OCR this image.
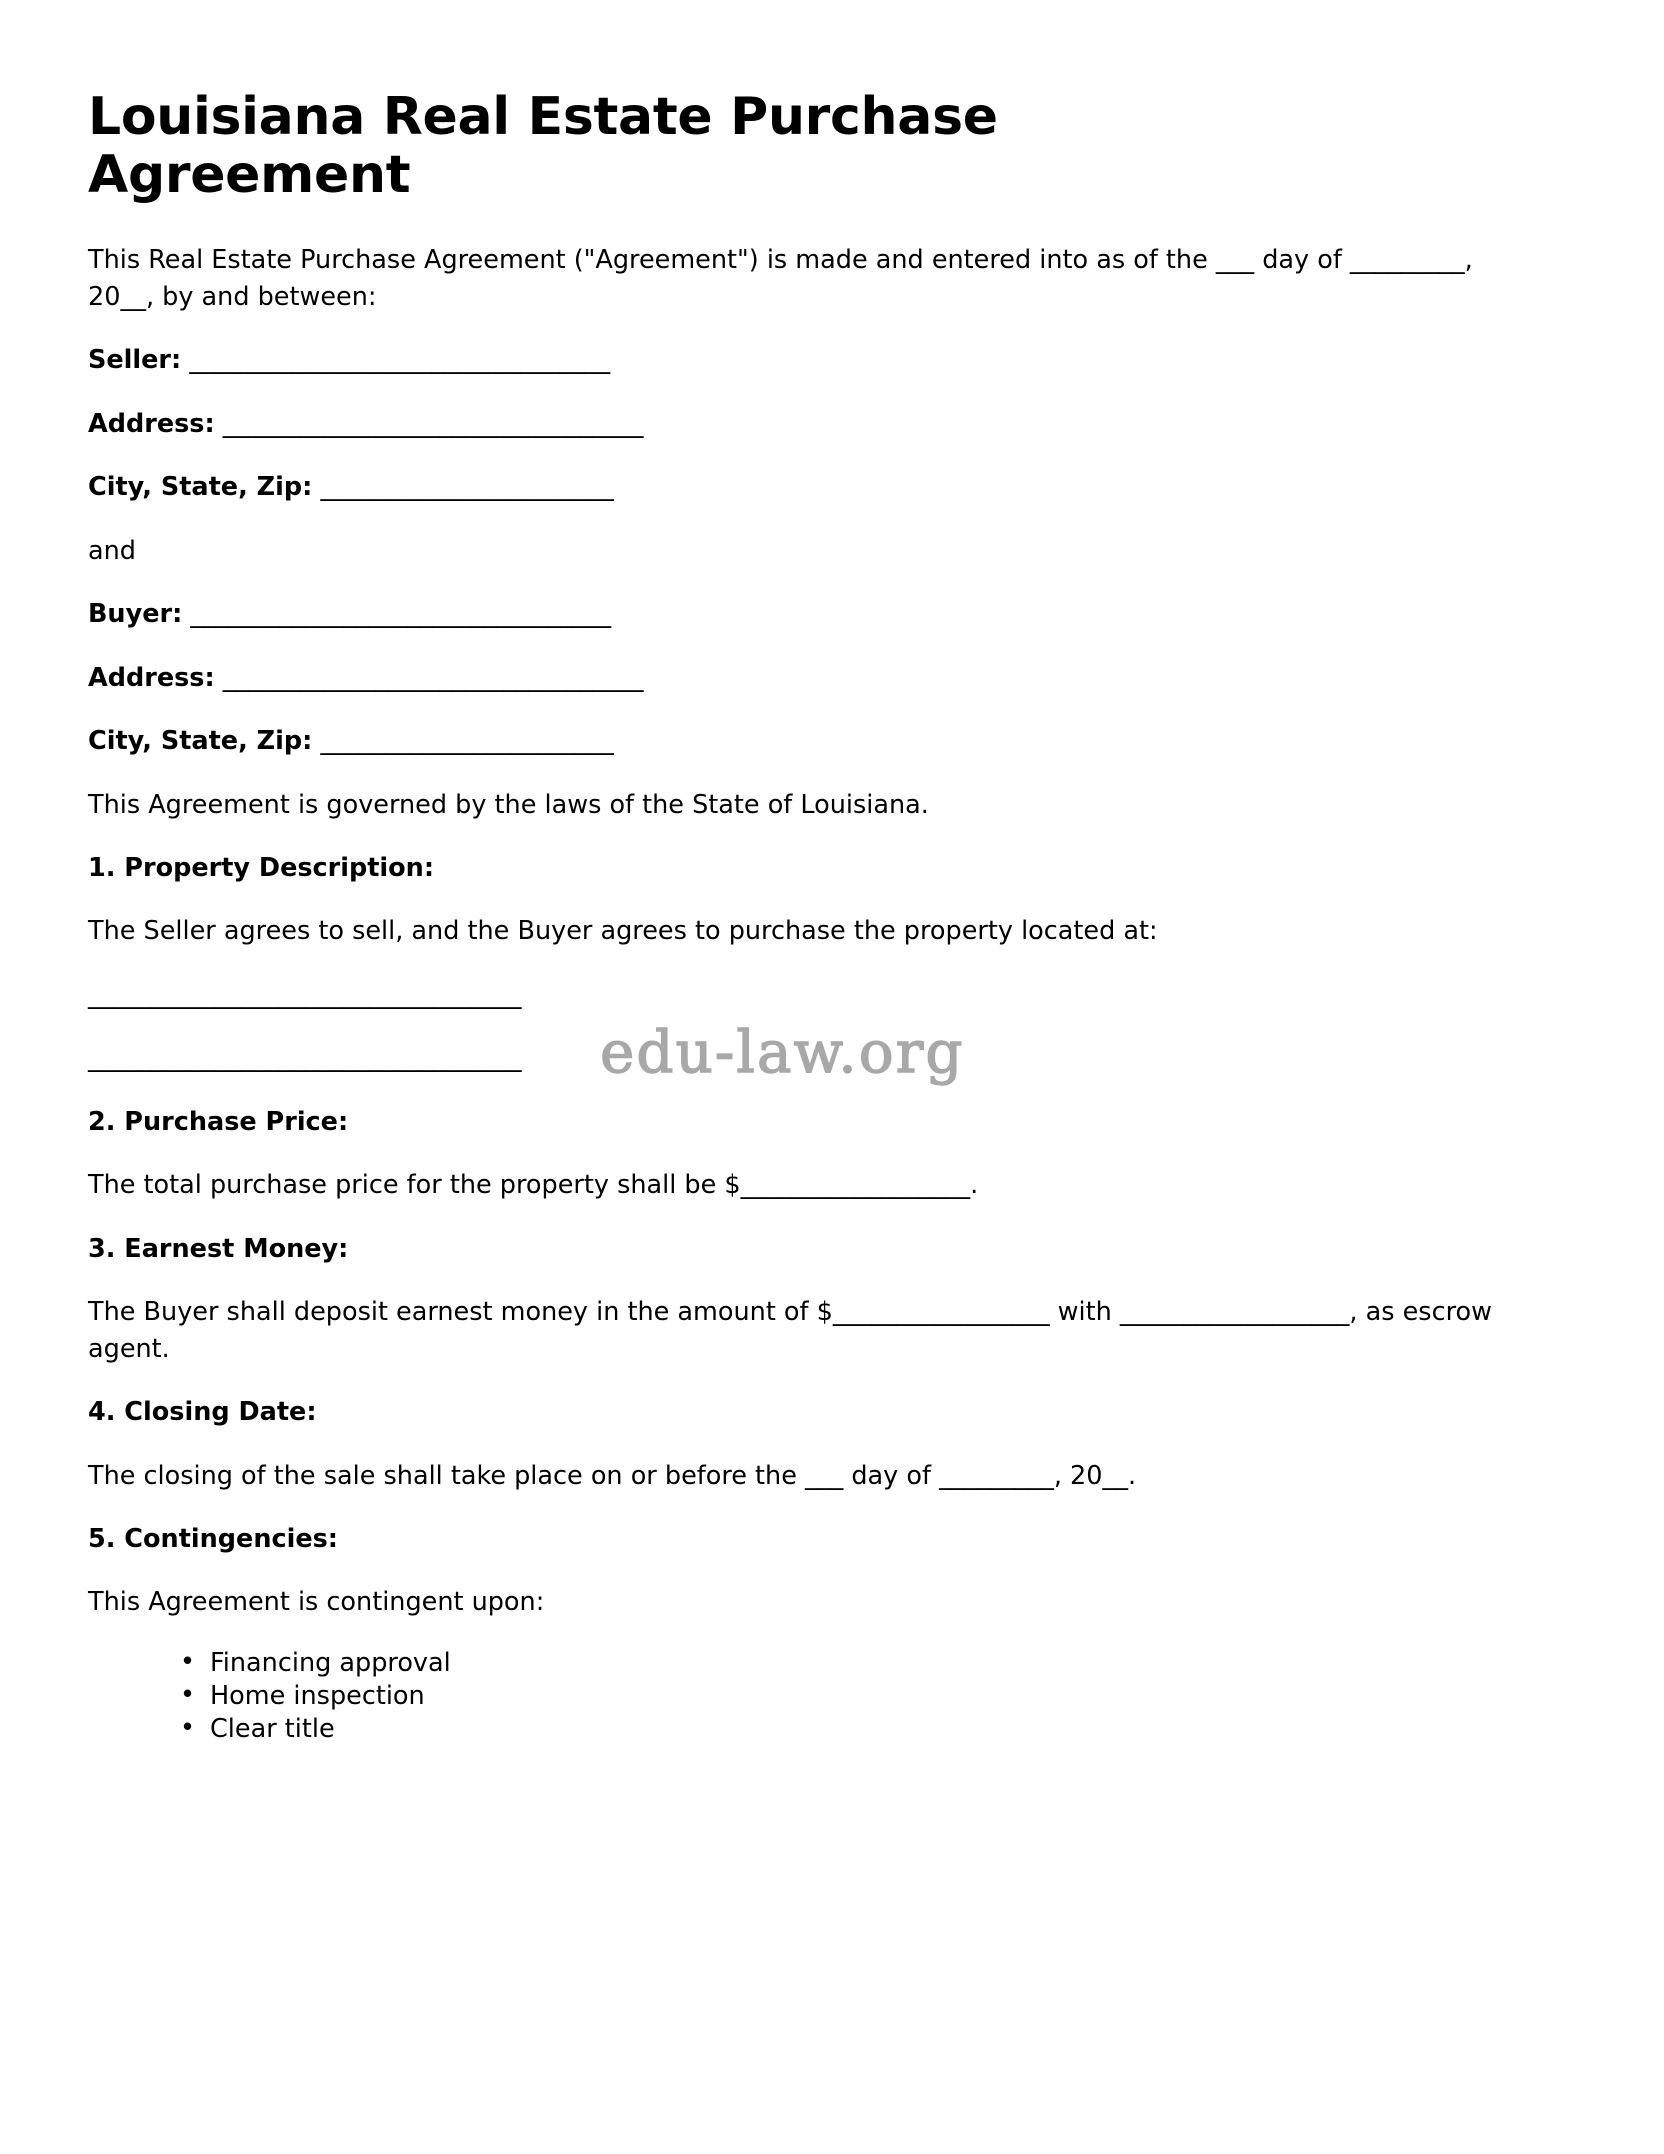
Louisiana Real Estate Purchase Agreement

This Real Estate Purchase Agreement ("Agreement") is made and entered into as of the ___ day of _________, 20__, by and between:

Seller: _________________________________
Address: _________________________________
City, State, Zip: _______________________

and

Buyer: _________________________________
Address: _________________________________
City, State, Zip: _______________________

This Agreement is governed by the laws of the State of Louisiana.

1. Property Description:

The Seller agrees to sell, and the Buyer agrees to purchase the property located at:

__________________________________
__________________________________
2. Purchase Price:

The total purchase price for the property shall be $__________________.

3. Earnest Money:

The Buyer shall deposit earnest money in the amount of $_________________ with __________________, as escrow agent.

4. Closing Date:

The closing of the sale shall take place on or before the ___ day of _________, 20__.

5. Contingencies:

This Agreement is contingent upon:

• Financing approval
• Home inspection
• Clear title
edu-law.org
